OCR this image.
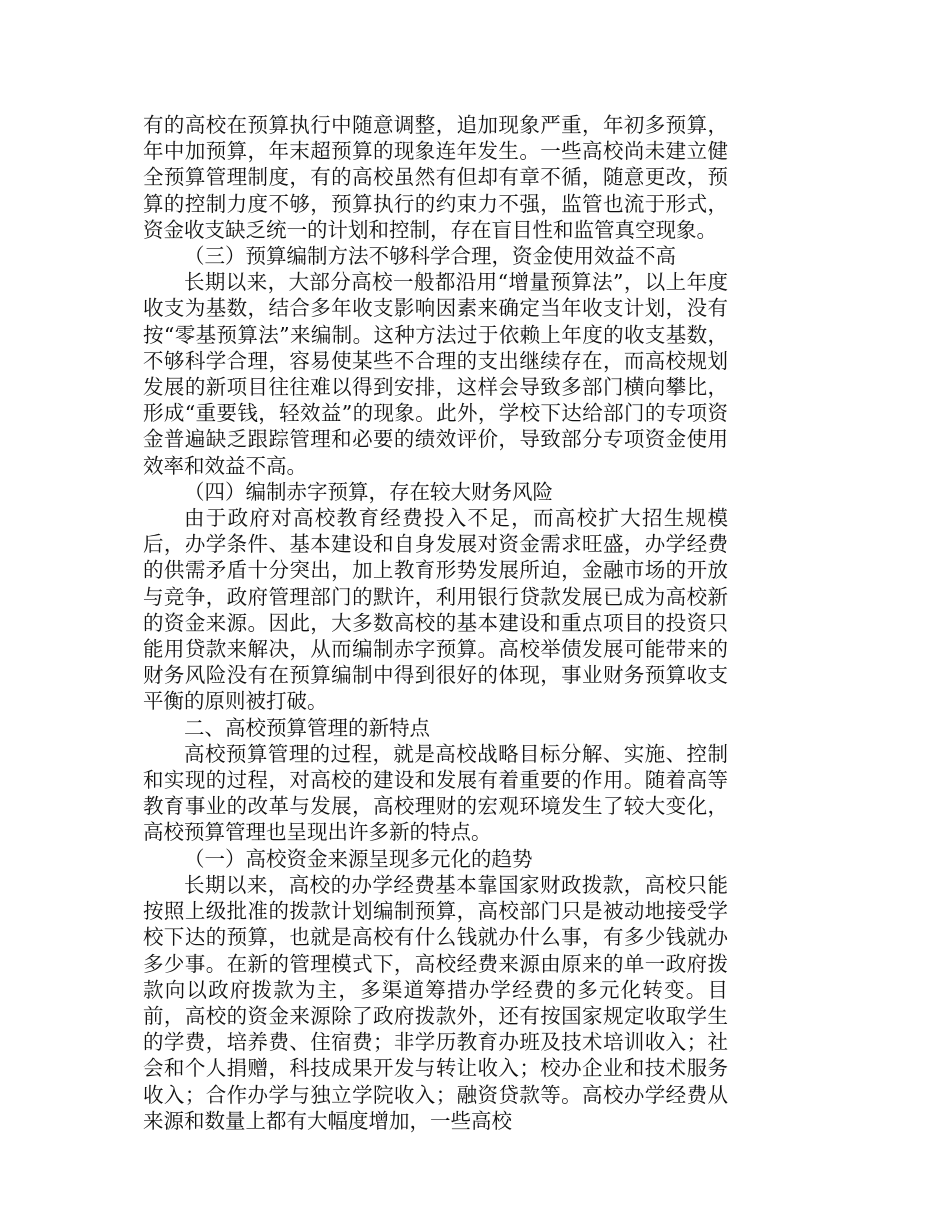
有的高校在预算执行中随意调整，追加现象严重，年初多预算，年中加预算，年末超预算的现象连年发生。一些高校尚未建立健全预算管理制度，有的高校虽然有但却有章不循，随意更改，预算的控制力度不够，预算执行的约束力不强，监管也流于形式，资金收支缺乏统一的计划和控制，存在盲目性和监管真空现象。

（三）预算编制方法不够科学合理，资金使用效益不高

长期以来，大部分高校一般都沿用“增量预算法”，以上年度收支为基数，结合多年收支影响因素来确定当年收支计划，没有按“零基预算法”来编制。这种方法过于依赖上年度的收支基数，不够科学合理，容易使某些不合理的支出继续存在，而高校规划发展的新项目往往难以得到安排，这样会导致多部门横向攀比，形成“重要钱，轻效益”的现象。此外，学校下达给部门的专项资金普遍缺乏跟踪管理和必要的绩效评价，导致部分专项资金使用效率和效益不高。

（四）编制赤字预算，存在较大财务风险

由于政府对高校教育经费投入不足，而高校扩大招生规模后，办学条件、基本建设和自身发展对资金需求旺盛，办学经费的供需矛盾十分突出，加上教育形势发展所迫，金融市场的开放与竞争，政府管理部门的默许，利用银行贷款发展已成为高校新的资金来源。因此，大多数高校的基本建设和重点项目的投资只能用贷款来解决，从而编制赤字预算。高校举债发展可能带来的财务风险没有在预算编制中得到很好的体现，事业财务预算收支平衡的原则被打破。

二、高校预算管理的新特点

高校预算管理的过程，就是高校战略目标分解、实施、控制和实现的过程，对高校的建设和发展有着重要的作用。随着高等教育事业的改革与发展，高校理财的宏观环境发生了较大变化，高校预算管理也呈现出许多新的特点。

（一）高校资金来源呈现多元化的趋势

长期以来，高校的办学经费基本靠国家财政拨款，高校只能按照上级批准的拨款计划编制预算，高校部门只是被动地接受学校下达的预算，也就是高校有什么钱就办什么事，有多少钱就办多少事。在新的管理模式下，高校经费来源由原来的单一政府拨款向以政府拨款为主，多渠道筹措办学经费的多元化转变。目前，高校的资金来源除了政府拨款外，还有按国家规定收取学生的学费，培养费、住宿费；非学历教育办班及技术培训收入；社会和个人捐赠，科技成果开发与转让收入；校办企业和技术服务收入；合作办学与独立学院收入；融资贷款等。高校办学经费从来源和数量上都有大幅度增加，一些高校
